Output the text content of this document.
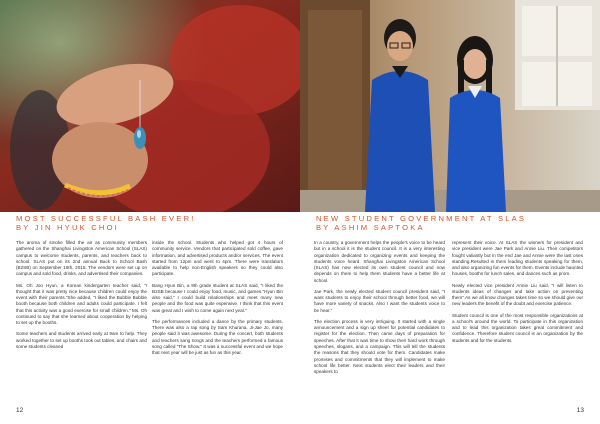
MOST SUCCESSFUL BASH EVER!
BY JIN HYUK CHOI

The aroma of smoke filled the air as community members gathered on the Shanghai Livingston American School (SLAS) campus to welcome students, parents, and teachers back to school. SLAS put on its 2nd annual Back to School Bash (B2SB) on September 19th, 2015. The vendors were set up on campus and sold food, drinks, and advertised their companies.

Ms. Oh Joo Hyun, a Korean kindergarten teacher said, "I thought that it was pretty nice because children could enjoy the event with their parents."She added, "I liked the Bubble Bubble booth because both children and adults could participate. I felt that this activity was a good exercise for small children." Ms. Oh continued to say that she learned about cooperation by helping to set up the booths.

Some teachers and students arrived early at 9am to help. They worked together to set up booths took out tables, and chairs and some students cleaned

inside the school. Students who helped got 4 hours of community service. Vendors that participated sold coffee, gave information, and advertised products and/or services. The event started from 12pm and went to 4pm. There were translators available to help non-English speakers so they could also participate.

Bang Hyun Bin, a 9th grade student at SLAS said, "I liked the B2SB because I could enjoy food, music, and games."Hyun Bin also said," I could build relationships and meet many new people and the food was quite expensive. I think that this event was great and I wish to come again next year."

The performances included a dance by the primary students. There was also a rap song by Sam Khurana. Ji-Jae Jo, many people said it was awesome. During the concert, both students and teachers sang songs and the teachers performed a famous song called "The Show." It was a successful event and we hope that next year will be just as fun as this year.

12
NEW STUDENT GOVERNMENT AT SLAS
BY ASHIM SAPTOKA

In a country, a government helps the people's voice to be heard but in a school it is the student council. It is a very interesting organization dedicated to organizing events and keeping the students voice heard. Shanghai Livingston American School (SLAS) has now elected its own student council and now depends on them to help them students have a better life at school.

Jae Park, the newly elected student council president said, "I want students to enjoy their school through better food, we will have more variety of snacks. Also I want the students voice to be hear."

The election process is very intriguing. It started with a single announcement and a sign up sheet for potential candidates to register for the election. Then came days of preparation for speeches. After that it was time to show their hard work through speeches, slogans, and a campaign. This will tell the students the reasons that they should vote for them. Candidates make promises and commitments that they will implement to make school life better. Next students elect their leaders and their speakers to

represent their voice. At SLAS the winners for president and vice president were Jae Park and Annie Liu. Their competitors fought valiantly but in the end Jae and Annie were the last ones standing.Resulted in them leading students speaking for them, and also organizing fun events for them. Events include haunted houses, booths for lunch sales, and dances such as prom.

Newly elected vice president Annie Liu said, "I will listen to students ideas of changes and take action on preventing them".As we all know changes takes time so we should give our new leaders the benefit of the doubt and exercise patience.

Student council is one of the most responsible organizations at a school's around the world. To participate in this organization and to lead this organization takes great commitment and confidence. Therefore student council is an organization by the students and for the students.

13
